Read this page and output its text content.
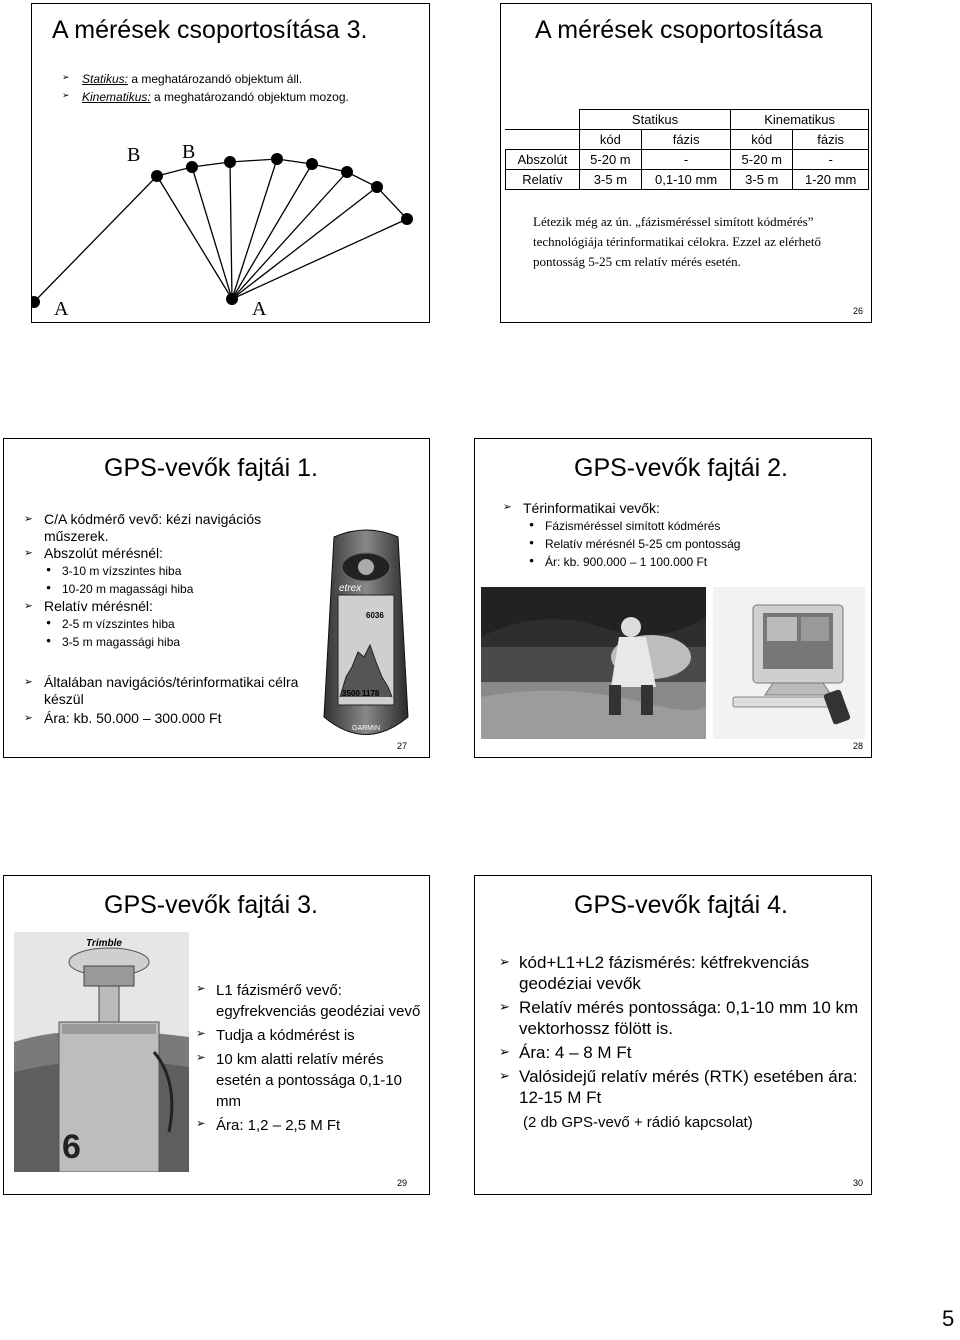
A mérések csoportosítása 3.
➢ Statikus: a meghatározandó objektum áll.
➢ Kinematikus: a meghatározandó objektum mozog.
B B
A	A
A mérések csoportosítása
	Statikus		Kinematikus	
	kód	fázis	kód	fázis
Abszolút	5-20 m	-	5-20 m	-
Relatív	3-5 m	0,1-10 mm	3-5 m	1-20 mm
Létezik még az ún. „fázisméréssel simított kódmérés” technológiája térinformatikai célokra. Ezzel az elérhető pontosság 5-25 cm relatív mérés esetén.
26
GPS-vevők fajtái 1.
➢ C/A kódmérő vevő: kézi navigációs műszerek.
➢ Abszolút mérésnél:
● 3-10 m vízszintes hiba
● 10-20 m magassági hiba
➢ Relatív mérésnél:
● 2-5 m vízszintes hiba
● 3-5 m magassági hiba
➢ Általában navigációs/térinformatikai célra készül
➢ Ára: kb. 50.000 – 300.000 Ft
etrex
6036
3500 1178
GARMIN
27
GPS-vevők fajtái 2.
➢ Térinformatikai vevők:
● Fázisméréssel simított kódmérés
● Relatív mérésnél 5-25 cm pontosság
● Ár: kb. 900.000 – 1 100.000 Ft
28
GPS-vevők fajtái 3.
Trimble
6
➢ L1 fázismérő vevő: egyfrekvenciás geodéziai vevő
➢ Tudja a kódmérést is
➢ 10 km alatti relatív mérés esetén a pontossága 0,1-10 mm
➢ Ára: 1,2 – 2,5 M Ft
29
GPS-vevők fajtái 4.
➢ kód+L1+L2 fázismérés: kétfrekvenciás geodéziai vevők
➢ Relatív mérés pontossága: 0,1-10 mm 10 km vektorhossz fölött is.
➢ Ára: 4 – 8 M Ft
➢ Valósidejű relatív mérés (RTK) esetében ára: 12-15 M Ft
(2 db GPS-vevő + rádió kapcsolat)
30
5
